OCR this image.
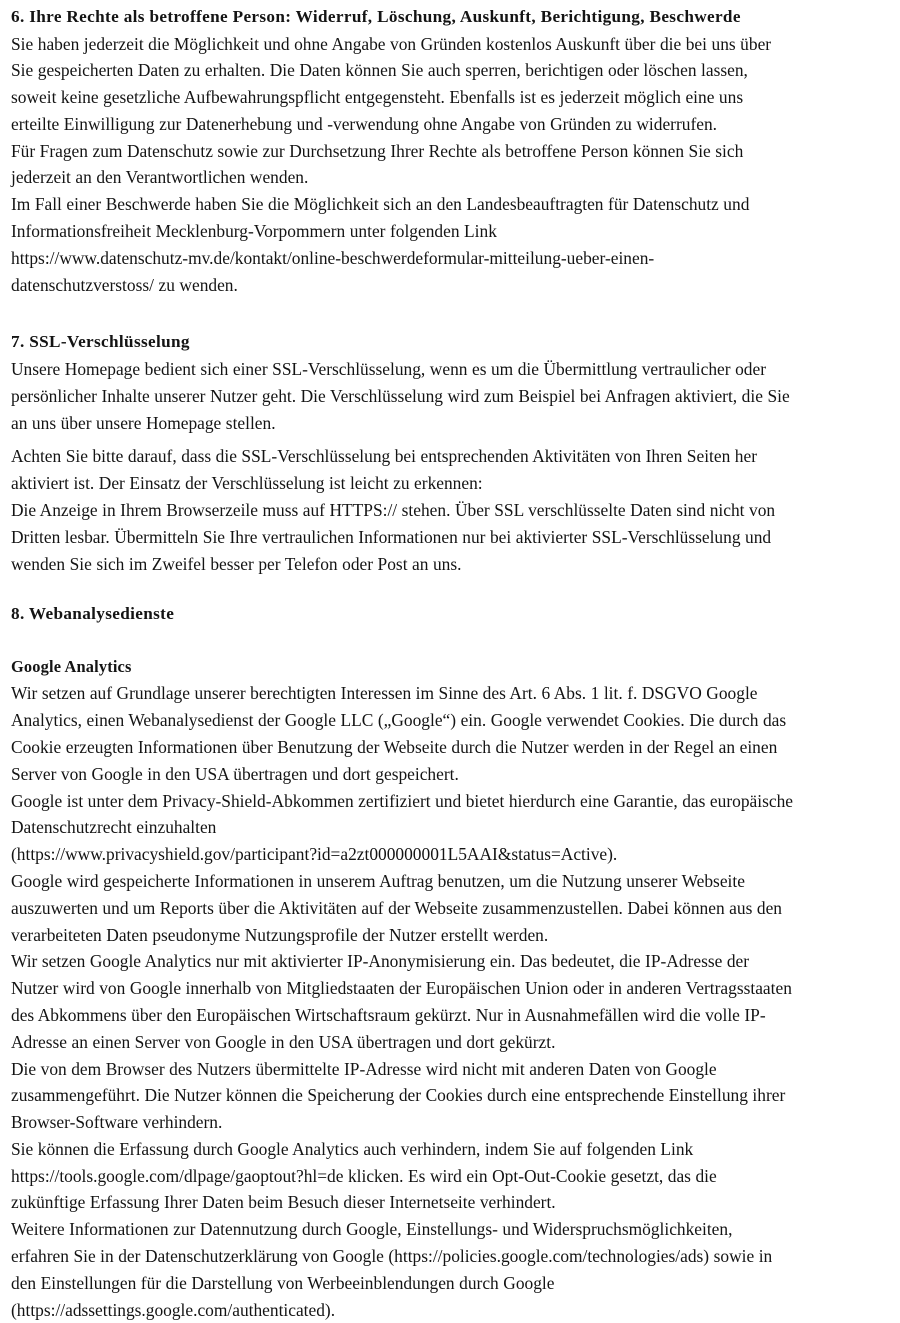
6. Ihre Rechte als betroffene Person: Widerruf, Löschung, Auskunft, Berichtigung, Beschwerde

Sie haben jederzeit die Möglichkeit und ohne Angabe von Gründen kostenlos Auskunft über die bei uns über
Sie gespeicherten Daten zu erhalten. Die Daten können Sie auch sperren, berichtigen oder löschen lassen,
soweit keine gesetzliche Aufbewahrungspflicht entgegensteht. Ebenfalls ist es jederzeit möglich eine uns
erteilte Einwilligung zur Datenerhebung und -verwendung ohne Angabe von Gründen zu widerrufen.

Für Fragen zum Datenschutz sowie zur Durchsetzung Ihrer Rechte als betroffene Person können Sie sich
jederzeit an den Verantwortlichen wenden.

Im Fall einer Beschwerde haben Sie die Möglichkeit sich an den Landesbeauftragten für Datenschutz und
Informationsfreiheit Mecklenburg-Vorpommern unter folgenden Link
https://www.datenschutz-mv.de/kontakt/online-beschwerdeformular-mitteilung-ueber-einen-
datenschutzverstoss/ zu wenden.

7. SSL-Verschlüsselung

Unsere Homepage bedient sich einer SSL-Verschlüsselung, wenn es um die Übermittlung vertraulicher oder
persönlicher Inhalte unserer Nutzer geht. Die Verschlüsselung wird zum Beispiel bei Anfragen aktiviert, die Sie
an uns über unsere Homepage stellen.

Achten Sie bitte darauf, dass die SSL-Verschlüsselung bei entsprechenden Aktivitäten von Ihren Seiten her
aktiviert ist. Der Einsatz der Verschlüsselung ist leicht zu erkennen:

Die Anzeige in Ihrem Browserzeile muss auf HTTPS:// stehen. Über SSL verschlüsselte Daten sind nicht von
Dritten lesbar. Übermitteln Sie Ihre vertraulichen Informationen nur bei aktivierter SSL-Verschlüsselung und
wenden Sie sich im Zweifel besser per Telefon oder Post an uns.

8. Webanalysedienste
Google Analytics

Wir setzen auf Grundlage unserer berechtigten Interessen im Sinne des Art. 6 Abs. 1 lit. f. DSGVO Google
Analytics, einen Webanalysedienst der Google LLC („Google“) ein. Google verwendet Cookies. Die durch das
Cookie erzeugten Informationen über Benutzung der Webseite durch die Nutzer werden in der Regel an einen
Server von Google in den USA übertragen und dort gespeichert.

Google ist unter dem Privacy-Shield-Abkommen zertifiziert und bietet hierdurch eine Garantie, das europäische
Datenschutzrecht einzuhalten
(https://www.privacyshield.gov/participant?id=a2zt000000001L5AAI&status=Active).

Google wird gespeicherte Informationen in unserem Auftrag benutzen, um die Nutzung unserer Webseite
auszuwerten und um Reports über die Aktivitäten auf der Webseite zusammenzustellen. Dabei können aus den
verarbeiteten Daten pseudonyme Nutzungsprofile der Nutzer erstellt werden.

Wir setzen Google Analytics nur mit aktivierter IP-Anonymisierung ein. Das bedeutet, die IP-Adresse der
Nutzer wird von Google innerhalb von Mitgliedstaaten der Europäischen Union oder in anderen Vertragsstaaten
des Abkommens über den Europäischen Wirtschaftsraum gekürzt. Nur in Ausnahmefällen wird die volle IP-
Adresse an einen Server von Google in den USA übertragen und dort gekürzt.

Die von dem Browser des Nutzers übermittelte IP-Adresse wird nicht mit anderen Daten von Google
zusammengeführt. Die Nutzer können die Speicherung der Cookies durch eine entsprechende Einstellung ihrer
Browser-Software verhindern.

Sie können die Erfassung durch Google Analytics auch verhindern, indem Sie auf folgenden Link
https://tools.google.com/dlpage/gaoptout?hl=de klicken. Es wird ein Opt-Out-Cookie gesetzt, das die
zukünftige Erfassung Ihrer Daten beim Besuch dieser Internetseite verhindert.

Weitere Informationen zur Datennutzung durch Google, Einstellungs- und Widerspruchsmöglichkeiten,
erfahren Sie in der Datenschutzerklärung von Google (https://policies.google.com/technologies/ads) sowie in
den Einstellungen für die Darstellung von Werbeeinblendungen durch Google
(https://adssettings.google.com/authenticated).
